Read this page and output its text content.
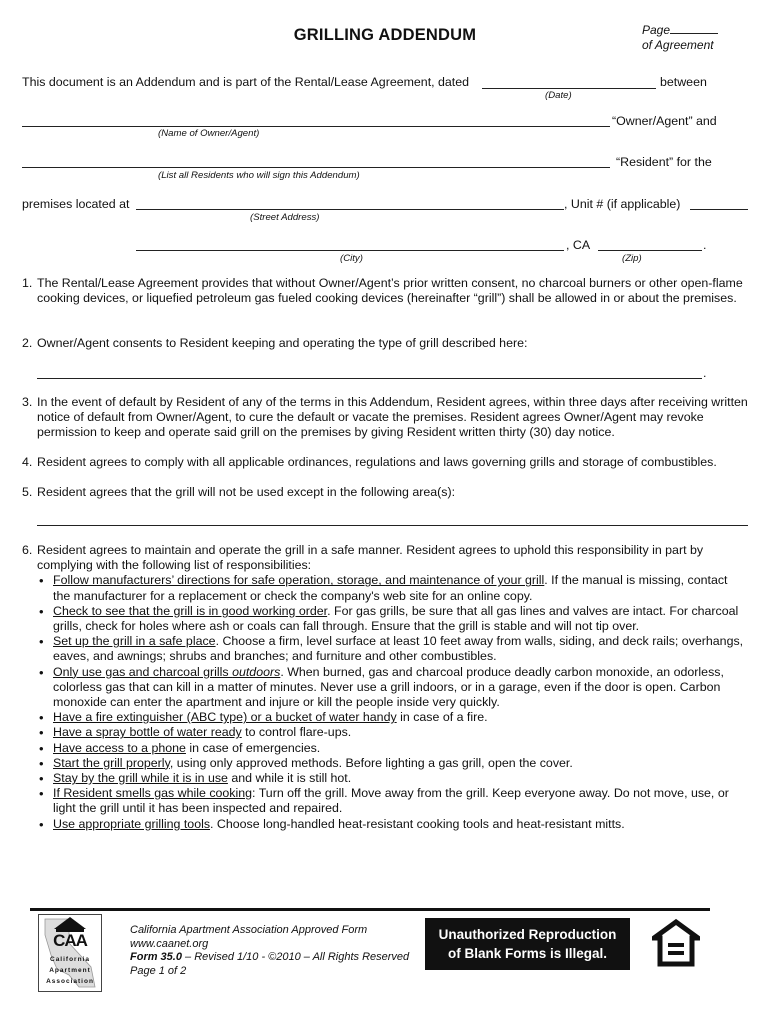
GRILLING ADDENDUM	Page
of Agreement
This document is an Addendum and is part of the Rental/Lease Agreement, dated	between
(Date)
“Owner/Agent” and
(Name of Owner/Agent)
“Resident” for the
(List all Residents who will sign this Addendum)
premises located at	, Unit # (if applicable)
(Street Address)
, CA	.
(City)	(Zip)
1. The Rental/Lease Agreement provides that without Owner/Agent’s prior written consent, no charcoal burners or other open-flame cooking devices, or liquefied petroleum gas fueled cooking devices (hereinafter “grill”) shall be allowed in or about the premises.
2. Owner/Agent consents to Resident keeping and operating the type of grill described here:
.
3. In the event of default by Resident of any of the terms in this Addendum, Resident agrees, within three days after receiving written notice of default from Owner/Agent, to cure the default or vacate the premises. Resident agrees Owner/Agent may revoke permission to keep and operate said grill on the premises by giving Resident written thirty (30) day notice.
4. Resident agrees to comply with all applicable ordinances, regulations and laws governing grills and storage of combustibles.
5. Resident agrees that the grill will not be used except in the following area(s):
6. Resident agrees to maintain and operate the grill in a safe manner. Resident agrees to uphold this responsibility in part by complying with the following list of responsibilities:
• Follow manufacturers’ directions for safe operation, storage, and maintenance of your grill. If the manual is missing, contact the manufacturer for a replacement or check the company's web site for an online copy.
• Check to see that the grill is in good working order. For gas grills, be sure that all gas lines and valves are intact. For charcoal grills, check for holes where ash or coals can fall through. Ensure that the grill is stable and will not tip over.
• Set up the grill in a safe place. Choose a firm, level surface at least 10 feet away from walls, siding, and deck rails; overhangs, eaves, and awnings; shrubs and branches; and furniture and other combustibles.
• Only use gas and charcoal grills outdoors. When burned, gas and charcoal produce deadly carbon monoxide, an odorless, colorless gas that can kill in a matter of minutes. Never use a grill indoors, or in a garage, even if the door is open. Carbon monoxide can enter the apartment and injure or kill the people inside very quickly.
• Have a fire extinguisher (ABC type) or a bucket of water handy in case of a fire.
• Have a spray bottle of water ready to control flare-ups.
• Have access to a phone in case of emergencies.
• Start the grill properly, using only approved methods. Before lighting a gas grill, open the cover.
• Stay by the grill while it is in use and while it is still hot.
• If Resident smells gas while cooking: Turn off the grill. Move away from the grill. Keep everyone away. Do not move, use, or light the grill until it has been inspected and repaired.
• Use appropriate grilling tools. Choose long-handled heat-resistant cooking tools and heat-resistant mitts.
CAA
California
Apartment
Association
California Apartment Association Approved Form
www.caanet.org
Form 35.0 – Revised 1/10 - ©2010 – All Rights Reserved
Page 1 of 2
Unauthorized Reproduction
of Blank Forms is Illegal.
